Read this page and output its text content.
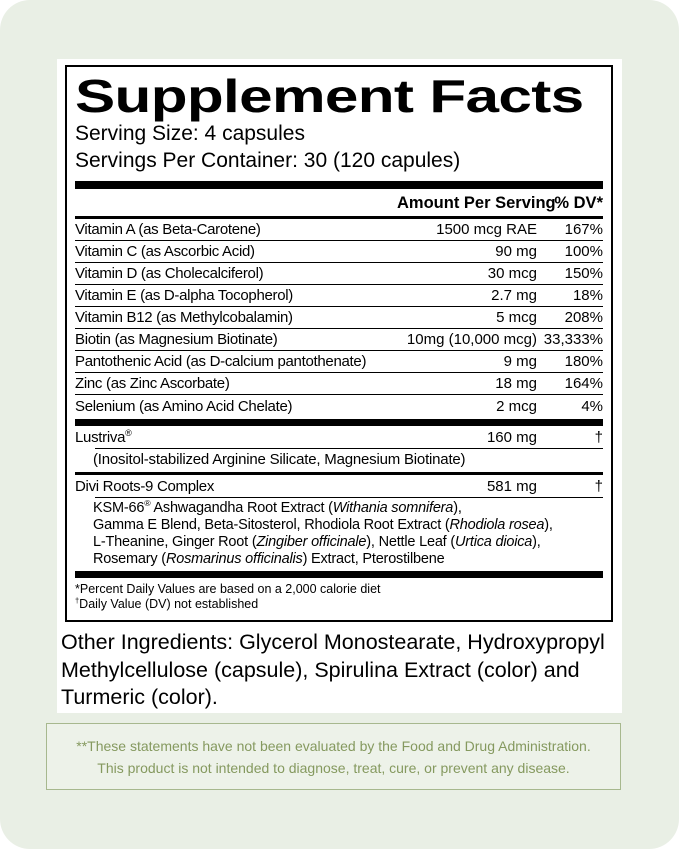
Supplement Facts
Serving Size: 4 capsules
Servings Per Container: 30 (120 capules)
Amount Per Serving
% DV*
Vitamin A (as Beta-Carotene)	1500 mcg RAE	167%
Vitamin C (as Ascorbic Acid)	90 mg	100%
Vitamin D (as Cholecalciferol)	30 mcg	150%
Vitamin E (as D-alpha Tocopherol)	2.7 mg	18%
Vitamin B12 (as Methylcobalamin)	5 mcg	208%
Biotin (as Magnesium Biotinate)	10mg (10,000 mcg) 33,333%
Pantothenic Acid (as D-calcium pantothenate)	9 mg	180%
Zinc (as Zinc Ascorbate)	18 mg	164%
Selenium (as Amino Acid Chelate)	2 mcg	4%
Lustriva®	160 mg	†
(Inositol-stabilized Arginine Silicate, Magnesium Biotinate)
Divi Roots-9 Complex	581 mg	†
KSM-66® Ashwagandha Root Extract (Withania somnifera),
Gamma E Blend, Beta-Sitosterol, Rhodiola Root Extract (Rhodiola rosea),
L-Theanine, Ginger Root (Zingiber officinale), Nettle Leaf (Urtica dioica),
Rosemary (Rosmarinus officinalis) Extract, Pterostilbene
*Percent Daily Values are based on a 2,000 calorie diet
†Daily Value (DV) not established
Other Ingredients: Glycerol Monostearate, Hydroxypropyl Methylcellulose (capsule), Spirulina Extract (color) and Turmeric (color).
**These statements have not been evaluated by the Food and Drug Administration.
This product is not intended to diagnose, treat, cure, or prevent any disease.
